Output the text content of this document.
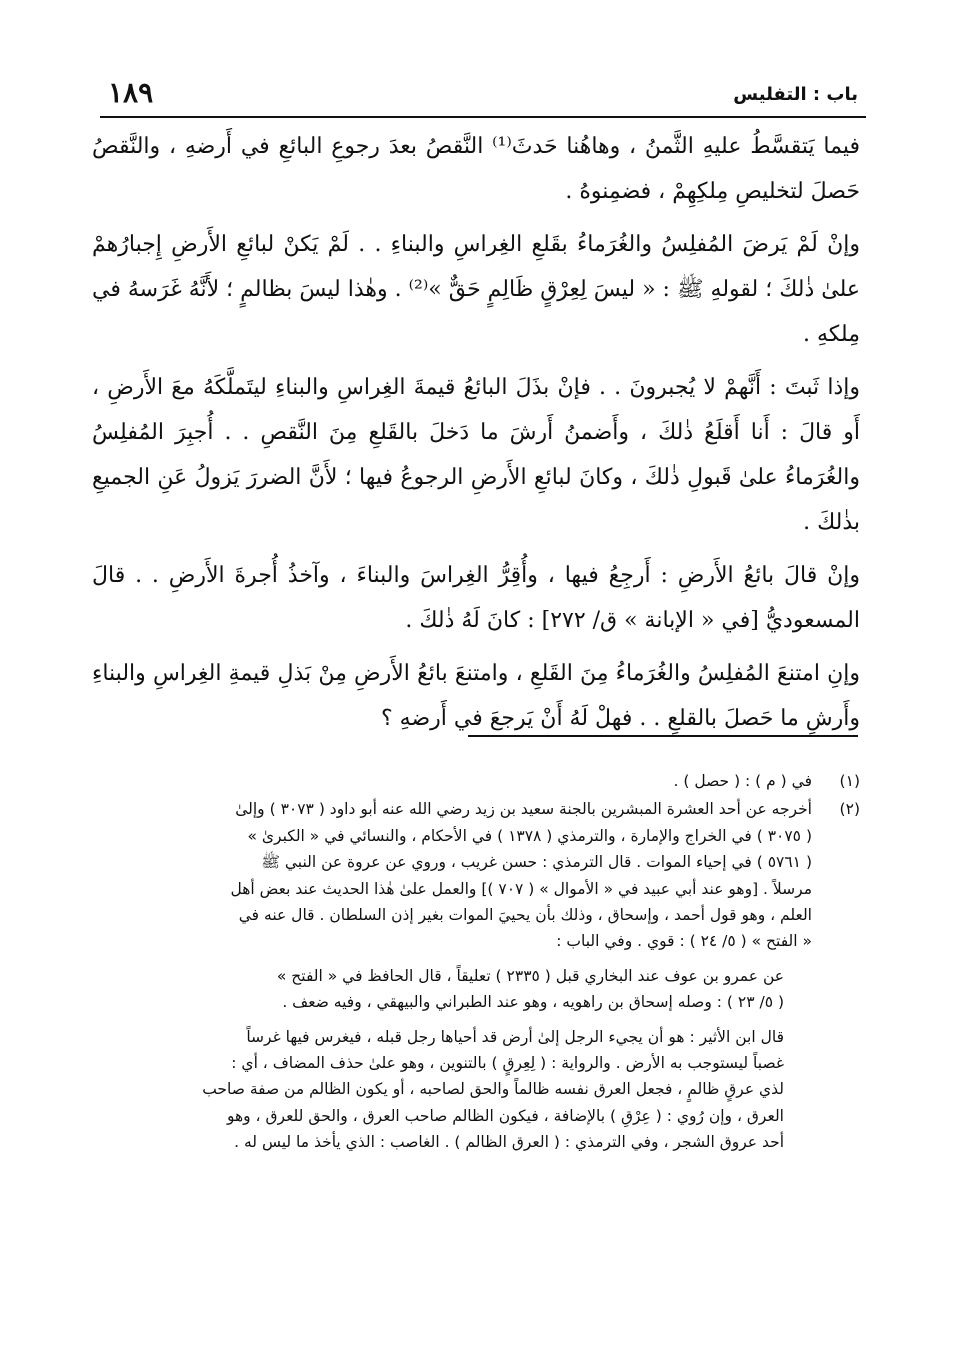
باب : التفليس
١٨٩

فيما يَتقسَّطُ عليهِ الثَّمنُ ، وهاهُنا حَدثَ⁽¹⁾ النَّقصُ بعدَ رجوعِ البائعِ في أَرضهِ ، والنَّقصُ حَصلَ لتخليصِ مِلكِهِمْ ، فضمِنوهُ .

وإنْ لَمْ يَرضَ المُفلِسُ والغُرَماءُ بقَلعِ الغِراسِ والبناءِ . . لَمْ يَكنْ لبائعِ الأَرضِ إِجبارُهمْ علىٰ ذٰلكَ ؛ لقولهِ ﷺ : « ليسَ لِعِرْقٍ ظَالِمٍ حَقٌّ »⁽²⁾ . وهٰذا ليسَ بظالمٍ ؛ لأَنَّهُ غَرَسهُ في مِلكهِ .

وإذا ثَبتَ : أَنَّهمْ لا يُجبرونَ . . فإنْ بذَلَ البائعُ قيمةَ الغِراسِ والبناءِ ليتَملَّكَهُ معَ الأَرضِ ، أَو قالَ : أَنا أَقلَعُ ذٰلكَ ، وأَضمنُ أَرشَ ما دَخلَ بالقَلعِ مِنَ النَّقصِ . . أُجبِرَ المُفلِسُ والغُرَماءُ علىٰ قَبولِ ذٰلكَ ، وكانَ لبائعِ الأَرضِ الرجوعُ فيها ؛ لأَنَّ الضررَ يَزولُ عَنِ الجميعِ بذٰلكَ .

وإنْ قالَ بائعُ الأَرضِ : أَرجِعُ فيها ، وأُقِرُّ الغِراسَ والبناءَ ، وآخذُ أُجرةَ الأَرضِ . . قالَ المسعوديُّ [في « الإبانة » ق/ ٢٧٢] : كانَ لَهُ ذٰلكَ .

وإنِ امتنعَ المُفلِسُ والغُرَماءُ مِنَ القَلعِ ، وامتنعَ بائعُ الأَرضِ مِنْ بَذلِ قيمةِ الغِراسِ والبناءِ وأَرشِ ما حَصلَ بالقلعِ . . فهلْ لَهُ أَنْ يَرجعَ في أَرضهِ ؟

(١)
في ( م ) : ( حصل ) .
(٢)
أخرجه عن أحد العشرة المبشرين بالجنة سعيد بن زيد رضي الله عنه أبو داود ( ٣٠٧٣ ) وإلىٰ
( ٣٠٧٥ ) في الخراج والإمارة ، والترمذي ( ١٣٧٨ ) في الأحكام ، والنسائي في « الكبرىٰ »
( ٥٧٦١ ) في إحياء الموات . قال الترمذي : حسن غريب ، وروي عن عروة عن النبي ﷺ
مرسلاً . [وهو عند أبي عبيد في « الأموال » ( ٧٠٧ )] والعمل علىٰ هٰذا الحديث عند بعض أهل
العلم ، وهو قول أحمد ، وإسحاق ، وذلك بأن يحييَ الموات بغير إذن السلطان . قال عنه في
« الفتح » ( ٥/ ٢٤ ) : قوي . وفي الباب :
عن عمرو بن عوف عند البخاري قبل ( ٢٣٣٥ ) تعليقاً ، قال الحافظ في « الفتح »
( ٥/ ٢٣ ) : وصله إسحاق بن راهويه ، وهو عند الطبراني والبيهقي ، وفيه ضعف .
قال ابن الأثير : هو أن يجيء الرجل إلىٰ أرض قد أحياها رجل قبله ، فيغرس فيها غرساً
غصباً ليستوجب به الأرض . والرواية : ( لِعِرقٍ ) بالتنوين ، وهو علىٰ حذف المضاف ، أي :
لذي عرقٍ ظالمٍ ، فجعل العرق نفسه ظالماً والحق لصاحبه ، أو يكون الظالم من صفة صاحب
العرق ، وإن رُوي : ( عِرْقِ ) بالإضافة ، فيكون الظالم صاحب العرق ، والحق للعرق ، وهو
أحد عروق الشجر ، وفي الترمذي : ( العرق الظالم ) . الغاصب : الذي يأخذ ما ليس له .
